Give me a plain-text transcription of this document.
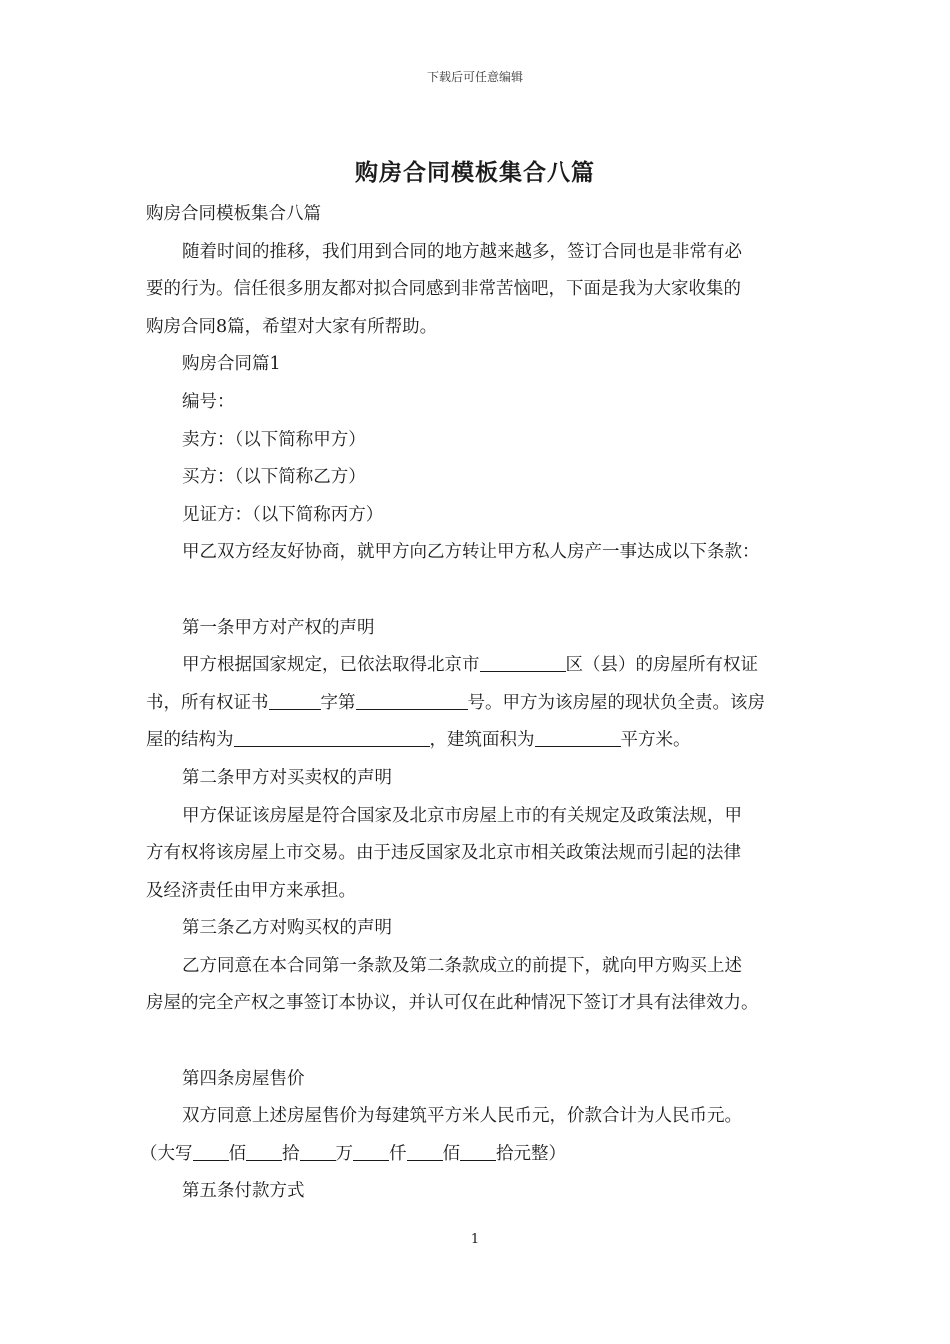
下载后可任意编辑
购房合同模板集合八篇
购房合同模板集合八篇
随着时间的推移，我们用到合同的地方越来越多，签订合同也是非常有必
要的行为。信任很多朋友都对拟合同感到非常苦恼吧，下面是我为大家收集的
购房合同8篇，希望对大家有所帮助。
购房合同篇1
编号：
卖方：（以下简称甲方）
买方：（以下简称乙方）
见证方：（以下简称丙方）
甲乙双方经友好协商，就甲方向乙方转让甲方私人房产一事达成以下条款：
第一条甲方对产权的声明
甲方根据国家规定，已依法取得北京市	区（县）的房屋所有权证
书，所有权证书	字第	号。甲方为该房屋的现状负全责。该房
屋的结构为	，建筑面积为	平方米。
第二条甲方对买卖权的声明
甲方保证该房屋是符合国家及北京市房屋上市的有关规定及政策法规，甲
方有权将该房屋上市交易。由于违反国家及北京市相关政策法规而引起的法律
及经济责任由甲方来承担。
第三条乙方对购买权的声明
乙方同意在本合同第一条款及第二条款成立的前提下，就向甲方购买上述
房屋的完全产权之事签订本协议，并认可仅在此种情况下签订才具有法律效力。
第四条房屋售价
双方同意上述房屋售价为每建筑平方米人民币元，价款合计为人民币元。
（大写 佰 拾 万 仟 佰 拾元整）
第五条付款方式
1
